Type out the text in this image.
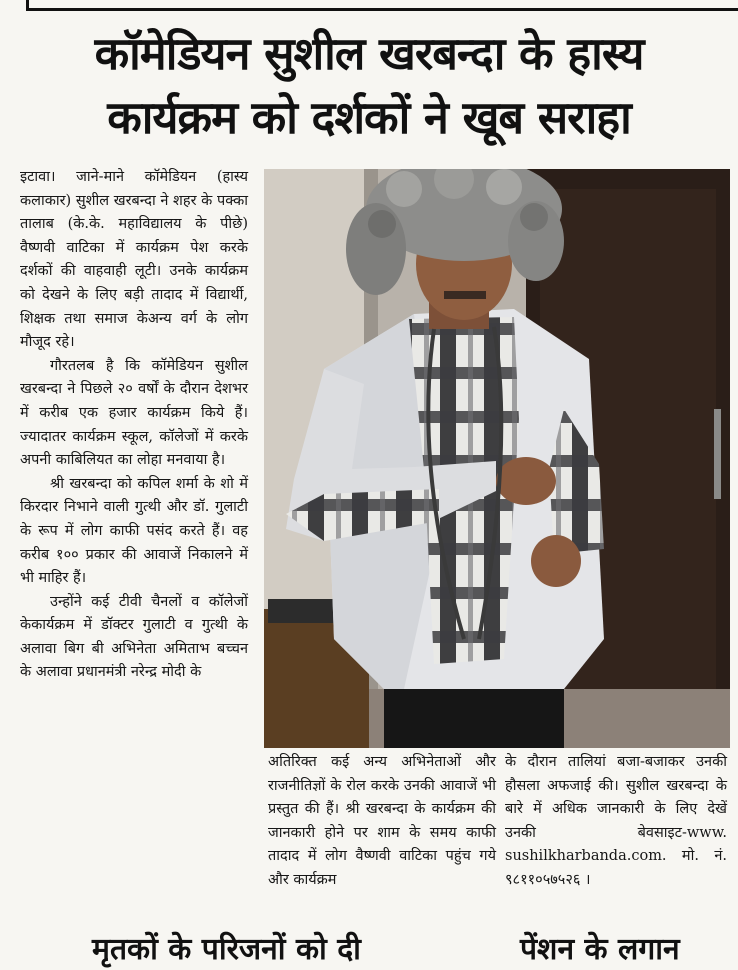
कॉमेडियन सुशील खरबन्दा के हास्य
कार्यक्रम को दर्शकों ने खूब सराहा

इटावा। जाने-माने कॉमेडियन (हास्य कलाकार) सुशील खरबन्दा ने शहर के पक्का तालाब (के.के. महाविद्यालय के पीछे) वैष्णवी वाटिका में कार्यक्रम पेश करके दर्शकों की वाहवाही लूटी। उनके कार्यक्रम को देखने के लिए बड़ी तादाद में विद्यार्थी, शिक्षक तथा समाज केअन्य वर्ग के लोग मौजूद रहे।

गौरतलब है कि कॉमेडियन सुशील खरबन्दा ने पिछले २० वर्षों के दौरान देशभर में करीब एक हजार कार्यक्रम किये हैं। ज्यादातर कार्यक्रम स्कूल, कॉलेजों में करके अपनी काबिलियत का लोहा मनवाया है।

श्री खरबन्दा को कपिल शर्मा के शो में किरदार निभाने वाली गुत्थी और डॉ. गुलाटी के रूप में लोग काफी पसंद करते हैं। वह करीब १०० प्रकार की आवाजें निकालने में भी माहिर हैं।

उन्होंने कई टीवी चैनलों व कॉलेजों केकार्यक्रम में डॉक्टर गुलाटी व गुत्थी के अलावा बिग बी अभिनेता अमिताभ बच्चन के अलावा प्रधानमंत्री नरेन्द्र मोदी के

अतिरिक्त कई अन्य अभिनेताओं और राजनीतिज्ञों के रोल करके उनकी आवाजें भी प्रस्तुत की हैं। श्री खरबन्दा के कार्यक्रम की जानकारी होने पर शाम के समय काफी तादाद में लोग वैष्णवी वाटिका पहुंच गये और कार्यक्रम

के दौरान तालियां बजा-बजाकर उनकी हौसला अफजाई की। सुशील खरबन्दा के बारे में अधिक जानकारी के लिए देखें उनकी बेवसाइट-www. sushilkharbanda.com. मो. नं. ९८११०५७५२६ ।

मृतकों के परिजनों को दी	पेंशन के लगान
